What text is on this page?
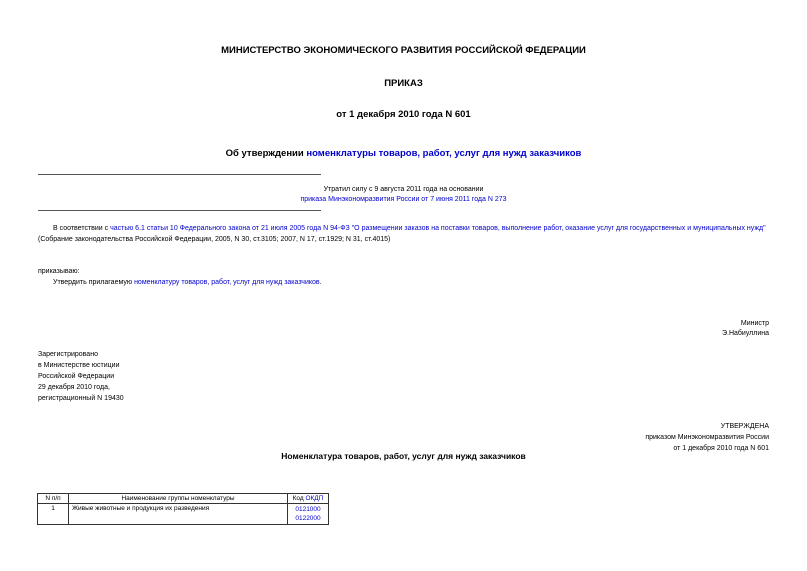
МИНИСТЕРСТВО ЭКОНОМИЧЕСКОГО РАЗВИТИЯ РОССИЙСКОЙ ФЕДЕРАЦИИ
ПРИКАЗ
от 1 декабря 2010 года N 601
Об утверждении номенклатуры товаров, работ, услуг для нужд заказчиков
Утратил силу с 9 августа 2011 года на основании
приказа Минэкономразвития России от 7 июня 2011 года N 273
В соответствии с частью 6.1 статьи 10 Федерального закона от 21 июля 2005 года N 94-ФЗ "О размещении заказов на поставки товаров, выполнение работ, оказание услуг для государственных и муниципальных нужд" (Собрание законодательства Российской Федерации, 2005, N 30, ст.3105; 2007, N 17, ст.1929; N 31, ст.4015)
приказываю:
Утвердить прилагаемую номенклатуру товаров, работ, услуг для нужд заказчиков.
Министр
Э.Набиуллина
Зарегистрировано
в Министерстве юстиции
Российской Федерации
29 декабря 2010 года,
регистрационный N 19430
УТВЕРЖДЕНА
приказом Минэкономразвития России
от 1 декабря 2010 года N 601
Номенклатура товаров, работ, услуг для нужд заказчиков
N п/п	Наименование группы номенклатуры	Код ОКДП
1	Живые животные и продукция их разведения	0121000
0122000
